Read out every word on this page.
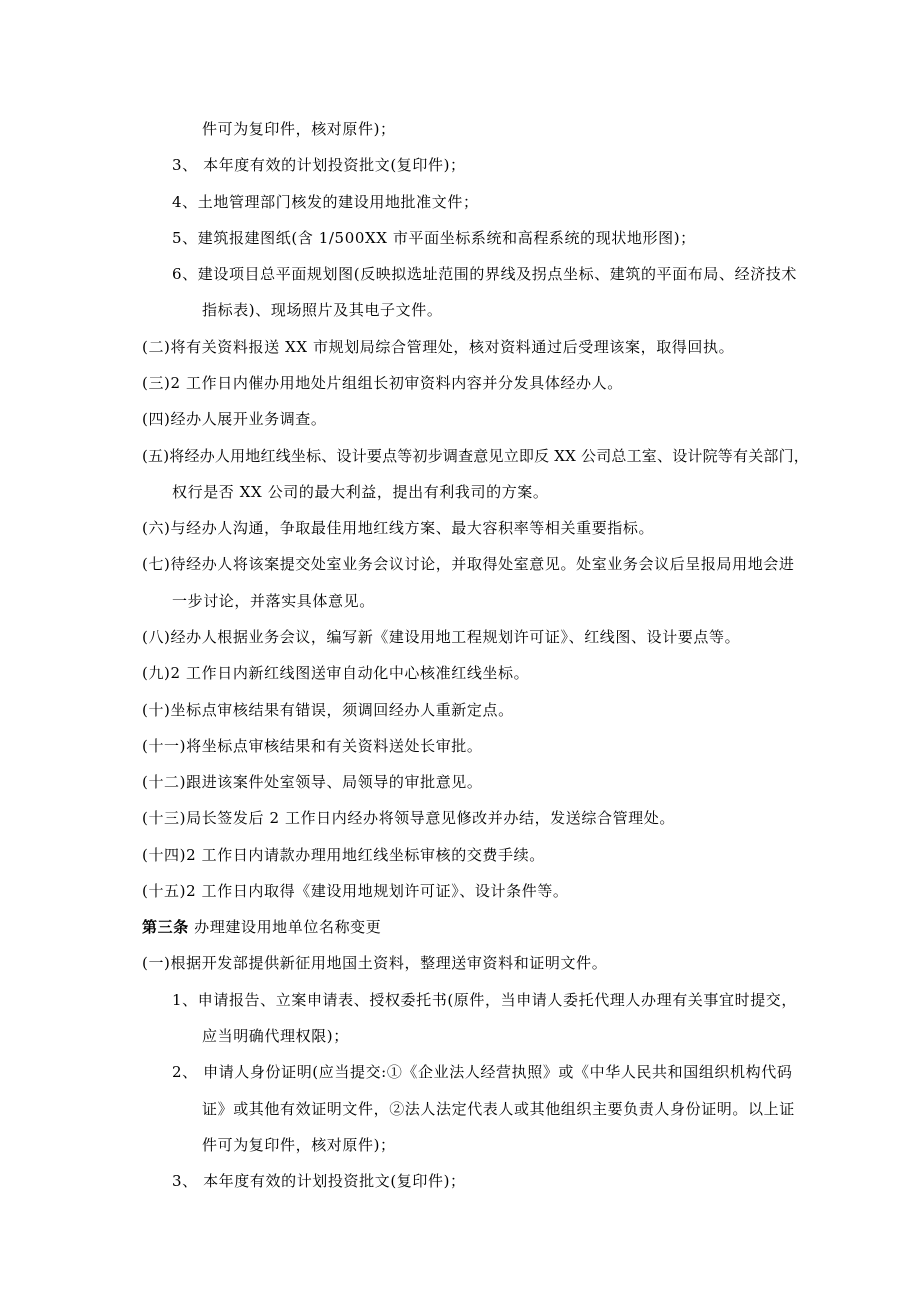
件可为复印件，核对原件)；
3、 本年度有效的计划投资批文(复印件)；
4、土地管理部门核发的建设用地批准文件；
5、建筑报建图纸(含 1/500XX 市平面坐标系统和高程系统的现状地形图)；
6、建设项目总平面规划图(反映拟选址范围的界线及拐点坐标、建筑的平面布局、经济技术
指标表)、现场照片及其电子文件。
(二)将有关资料报送 XX 市规划局综合管理处，核对资料通过后受理该案，取得回执。
(三)2 工作日内催办用地处片组组长初审资料内容并分发具体经办人。
(四)经办人展开业务调查。
(五)将经办人用地红线坐标、设计要点等初步调查意见立即反 XX 公司总工室、设计院等有关部门，
权行是否 XX 公司的最大利益，提出有利我司的方案。
(六)与经办人沟通，争取最佳用地红线方案、最大容积率等相关重要指标。
(七)待经办人将该案提交处室业务会议讨论，并取得处室意见。处室业务会议后呈报局用地会进
一步讨论，并落实具体意见。
(八)经办人根据业务会议，编写新《建设用地工程规划许可证》、红线图、设计要点等。
(九)2 工作日内新红线图送审自动化中心核准红线坐标。
(十)坐标点审核结果有错误，须调回经办人重新定点。
(十一)将坐标点审核结果和有关资料送处长审批。
(十二)跟进该案件处室领导、局领导的审批意见。
(十三)局长签发后 2 工作日内经办将领导意见修改并办结，发送综合管理处。
(十四)2 工作日内请款办理用地红线坐标审核的交费手续。
(十五)2 工作日内取得《建设用地规划许可证》、设计条件等。
第三条 办理建设用地单位名称变更
(一)根据开发部提供新征用地国土资料，整理送审资料和证明文件。
1、申请报告、立案申请表、授权委托书(原件，当申请人委托代理人办理有关事宜时提交，
应当明确代理权限)；
2、 申请人身份证明(应当提交:①《企业法人经营执照》或《中华人民共和国组织机构代码
证》或其他有效证明文件，②法人法定代表人或其他组织主要负责人身份证明。以上证
件可为复印件，核对原件)；
3、 本年度有效的计划投资批文(复印件)；
